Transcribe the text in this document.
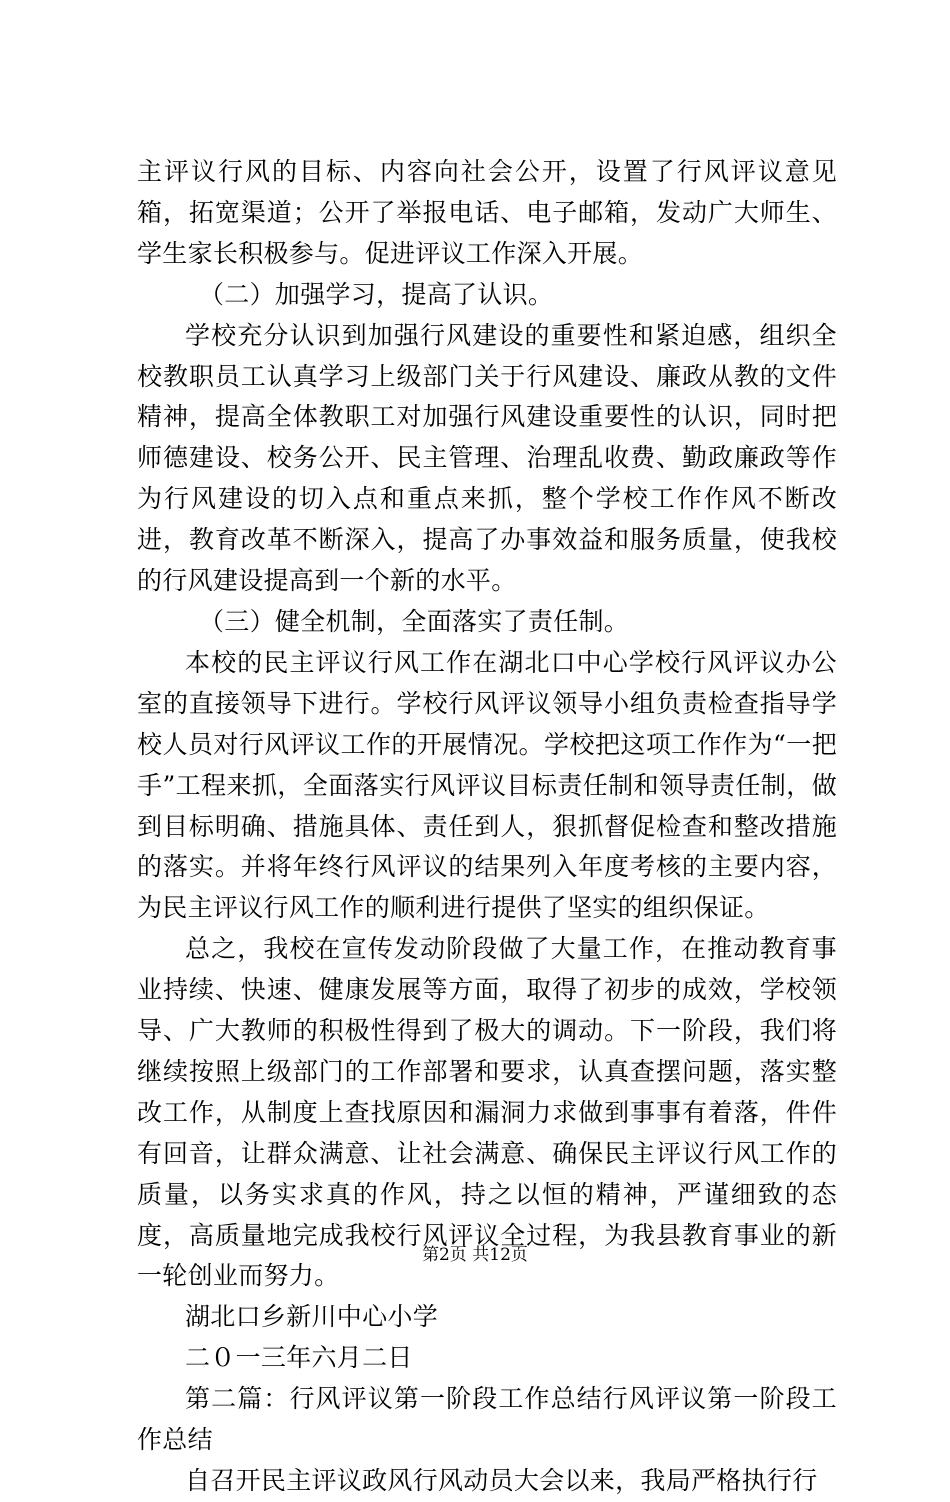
主评议行风的目标、内容向社会公开，设置了行风评议意见箱，拓宽渠道；公开了举报电话、电子邮箱，发动广大师生、学生家长积极参与。促进评议工作深入开展。

（二）加强学习，提高了认识。

学校充分认识到加强行风建设的重要性和紧迫感，组织全校教职员工认真学习上级部门关于行风建设、廉政从教的文件精神，提高全体教职工对加强行风建设重要性的认识，同时把师德建设、校务公开、民主管理、治理乱收费、勤政廉政等作为行风建设的切入点和重点来抓，整个学校工作作风不断改进，教育改革不断深入，提高了办事效益和服务质量，使我校的行风建设提高到一个新的水平。

（三）健全机制，全面落实了责任制。

本校的民主评议行风工作在湖北口中心学校行风评议办公室的直接领导下进行。学校行风评议领导小组负责检查指导学校人员对行风评议工作的开展情况。学校把这项工作作为“一把手”工程来抓，全面落实行风评议目标责任制和领导责任制，做到目标明确、措施具体、责任到人，狠抓督促检查和整改措施的落实。并将年终行风评议的结果列入年度考核的主要内容，为民主评议行风工作的顺利进行提供了坚实的组织保证。

总之，我校在宣传发动阶段做了大量工作，在推动教育事业持续、快速、健康发展等方面，取得了初步的成效，学校领导、广大教师的积极性得到了极大的调动。下一阶段，我们将继续按照上级部门的工作部署和要求，认真查摆问题，落实整改工作，从制度上查找原因和漏洞力求做到事事有着落，件件有回音，让群众满意、让社会满意、确保民主评议行风工作的质量，以务实求真的作风，持之以恒的精神，严谨细致的态度，高质量地完成我校行风评议全过程，为我县教育事业的新一轮创业而努力。

湖北口乡新川中心小学

二０一三年六月二日

第二篇：行风评议第一阶段工作总结行风评议第一阶段工作总结

自召开民主评议政风行风动员大会以来，我局严格执行行

第2页 共12页
